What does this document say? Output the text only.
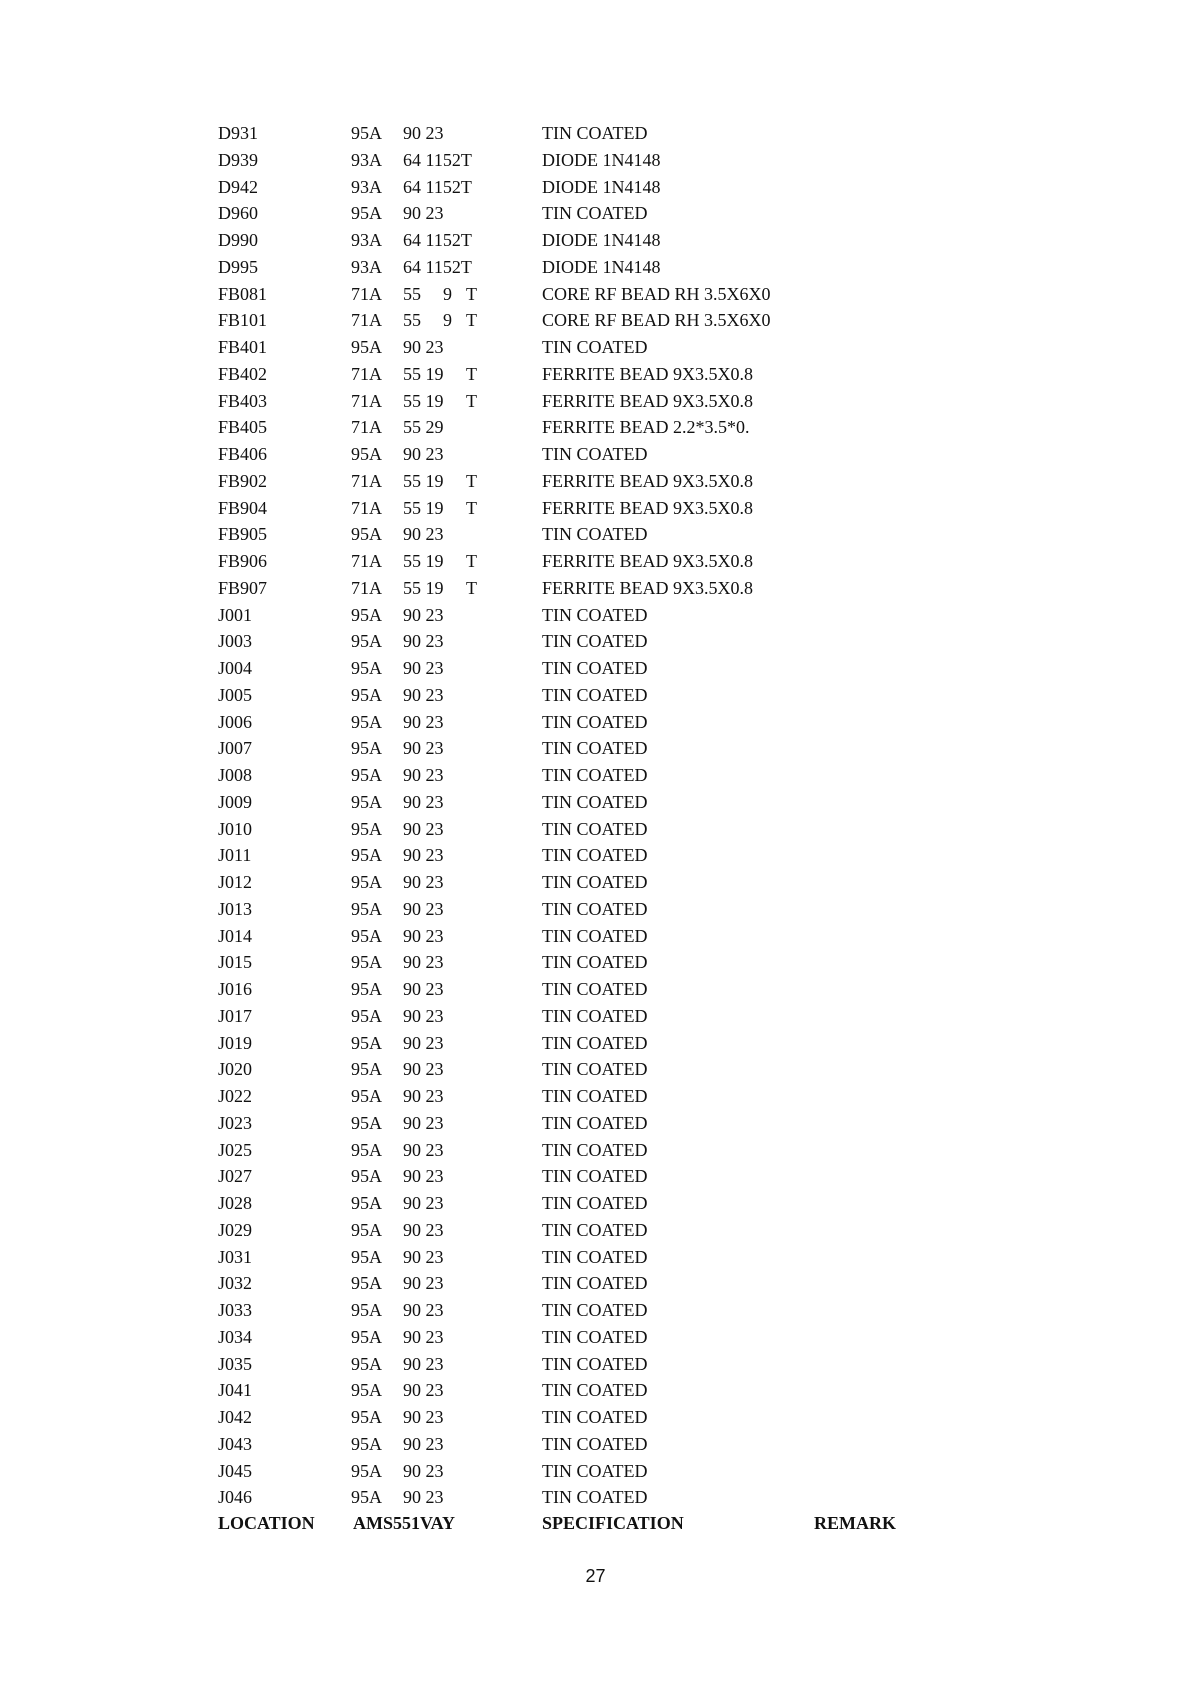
D931	95A 90 23	TIN COATED
D939	93A 64 1152T	DIODE 1N4148
D942	93A 64 1152T	DIODE 1N4148
D960	95A 90 23	TIN COATED
D990	93A 64 1152T	DIODE 1N4148
D995	93A 64 1152T	DIODE 1N4148
FB081	71A 55 9 T	CORE RF BEAD RH 3.5X6X0
FB101	71A 55 9 T	CORE RF BEAD RH 3.5X6X0
FB401	95A 90 23	TIN COATED
FB402	71A 55 19 T	FERRITE BEAD 9X3.5X0.8
FB403	71A 55 19 T	FERRITE BEAD 9X3.5X0.8
FB405	71A 55 29	FERRITE BEAD 2.2*3.5*0.
FB406	95A 90 23	TIN COATED
FB902	71A 55 19 T	FERRITE BEAD 9X3.5X0.8
FB904	71A 55 19 T	FERRITE BEAD 9X3.5X0.8
FB905	95A 90 23	TIN COATED
FB906	71A 55 19 T	FERRITE BEAD 9X3.5X0.8
FB907	71A 55 19 T	FERRITE BEAD 9X3.5X0.8
J001	95A 90 23	TIN COATED
J003	95A 90 23	TIN COATED
J004	95A 90 23	TIN COATED
J005	95A 90 23	TIN COATED
J006	95A 90 23	TIN COATED
J007	95A 90 23	TIN COATED
J008	95A 90 23	TIN COATED
J009	95A 90 23	TIN COATED
J010	95A 90 23	TIN COATED
J011	95A 90 23	TIN COATED
J012	95A 90 23	TIN COATED
J013	95A 90 23	TIN COATED
J014	95A 90 23	TIN COATED
J015	95A 90 23	TIN COATED
J016	95A 90 23	TIN COATED
J017	95A 90 23	TIN COATED
J019	95A 90 23	TIN COATED
J020	95A 90 23	TIN COATED
J022	95A 90 23	TIN COATED
J023	95A 90 23	TIN COATED
J025	95A 90 23	TIN COATED
J027	95A 90 23	TIN COATED
J028	95A 90 23	TIN COATED
J029	95A 90 23	TIN COATED
J031	95A 90 23	TIN COATED
J032	95A 90 23	TIN COATED
J033	95A 90 23	TIN COATED
J034	95A 90 23	TIN COATED
J035	95A 90 23	TIN COATED
J041	95A 90 23	TIN COATED
J042	95A 90 23	TIN COATED
J043	95A 90 23	TIN COATED
J045	95A 90 23	TIN COATED
J046	95A 90 23	TIN COATED
LOCATION AMS551VAY	SPECIFICATION	REMARK
27
